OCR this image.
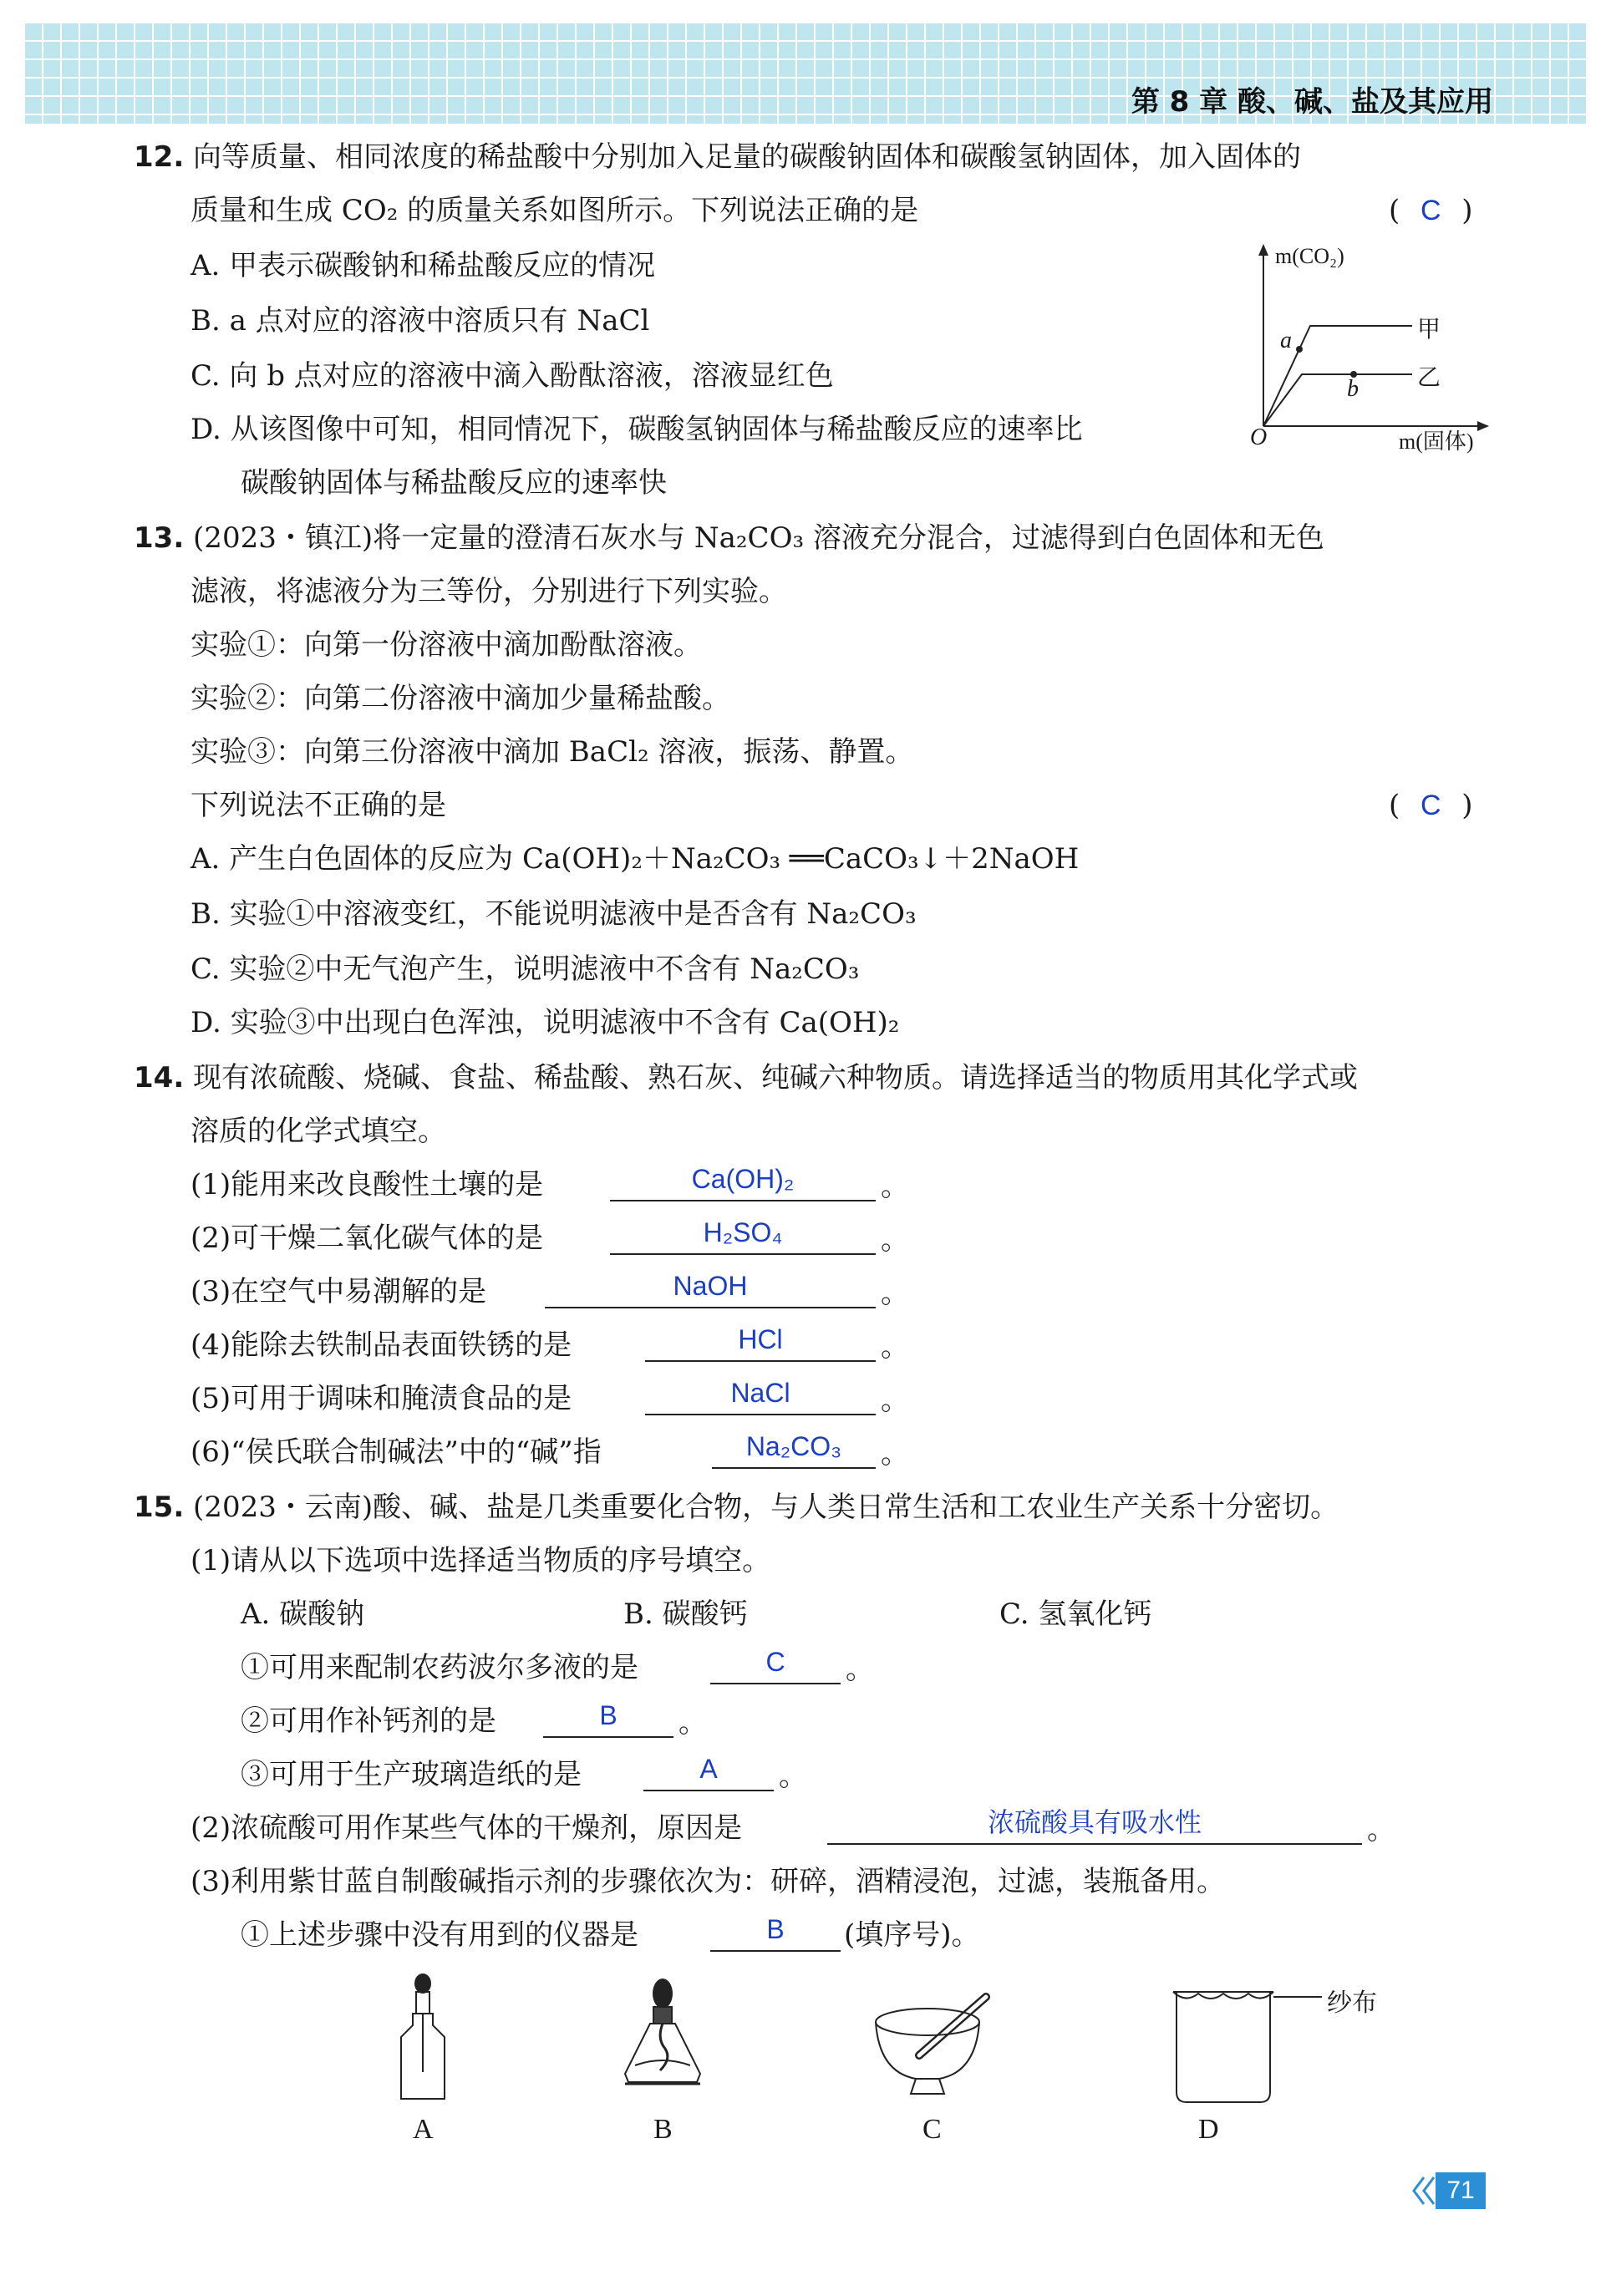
第 8 章 酸、碱、盐及其应用
12. 向等质量、相同浓度的稀盐酸中分别加入足量的碳酸钠固体和碳酸氢钠固体，加入固体的
质量和生成 CO₂ 的质量关系如图所示。下列说法正确的是	( C )
A. 甲表示碳酸钠和稀盐酸反应的情况
B. a 点对应的溶液中溶质只有 NaCl
C. 向 b 点对应的溶液中滴入酚酞溶液，溶液显红色
D. 从该图像中可知，相同情况下，碳酸氢钠固体与稀盐酸反应的速率比
碳酸钠固体与稀盐酸反应的速率快
m(CO₂)
m(固体)
O
甲
乙
a
b
13. (2023・镇江)将一定量的澄清石灰水与 Na₂CO₃ 溶液充分混合，过滤得到白色固体和无色
滤液，将滤液分为三等份，分别进行下列实验。
实验①：向第一份溶液中滴加酚酞溶液。
实验②：向第二份溶液中滴加少量稀盐酸。
实验③：向第三份溶液中滴加 BaCl₂ 溶液，振荡、静置。
下列说法不正确的是	( C )
A. 产生白色固体的反应为 Ca(OH)₂＋Na₂CO₃ ══CaCO₃↓＋2NaOH
B. 实验①中溶液变红，不能说明滤液中是否含有 Na₂CO₃
C. 实验②中无气泡产生，说明滤液中不含有 Na₂CO₃
D. 实验③中出现白色浑浊，说明滤液中不含有 Ca(OH)₂
14. 现有浓硫酸、烧碱、食盐、稀盐酸、熟石灰、纯碱六种物质。请选择适当的物质用其化学式或
溶质的化学式填空。
(1)能用来改良酸性土壤的是	Ca(OH)₂	。
(2)可干燥二氧化碳气体的是	H₂SO₄	。
(3)在空气中易潮解的是	NaOH	。
(4)能除去铁制品表面铁锈的是	HCl	。
(5)可用于调味和腌渍食品的是	NaCl	。
(6)“侯氏联合制碱法”中的“碱”指	Na₂CO₃	。
15. (2023・云南)酸、碱、盐是几类重要化合物，与人类日常生活和工农业生产关系十分密切。
(1)请从以下选项中选择适当物质的序号填空。
A. 碳酸钠	B. 碳酸钙	C. 氢氧化钙
①可用来配制农药波尔多液的是	C	。
②可用作补钙剂的是	B	。
③可用于生产玻璃造纸的是	A	。
(2)浓硫酸可用作某些气体的干燥剂，原因是	浓硫酸具有吸水性	。
(3)利用紫甘蓝自制酸碱指示剂的步骤依次为：研碎，酒精浸泡，过滤，装瓶备用。
①上述步骤中没有用到的仪器是	B	(填序号)。
A	B	C
纱布
D
71
